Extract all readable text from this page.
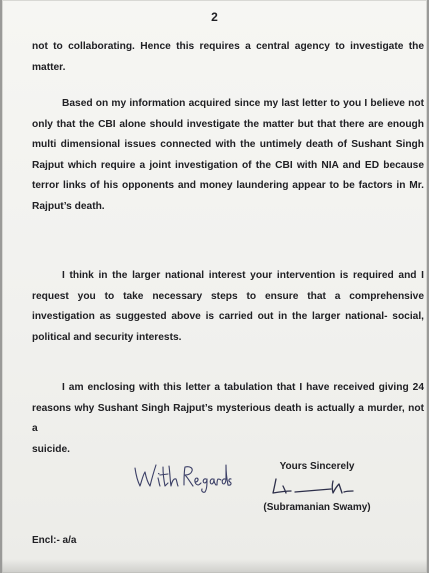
2
not to collaborating. Hence this requires a central agency to investigate the
matter.
Based on my information acquired since my last letter to you I believe not
only that the CBI alone should investigate the matter but that there are enough
multi dimensional issues connected with the untimely death of Sushant Singh
Rajput which require a joint investigation of the CBI with NIA and ED because
terror links of his opponents and money laundering appear to be factors in Mr.
Rajput’s death.
I think in the larger national interest your intervention is required and I
request you to take necessary steps to ensure that a comprehensive
investigation as suggested above is carried out in the larger national- social,
political and security interests.
I am enclosing with this letter a tabulation that I have received giving 24
reasons why Sushant Singh Rajput’s mysterious death is actually a murder, not a
suicide.
Yours Sincerely
(Subramanian Swamy)
Encl:- a/a
